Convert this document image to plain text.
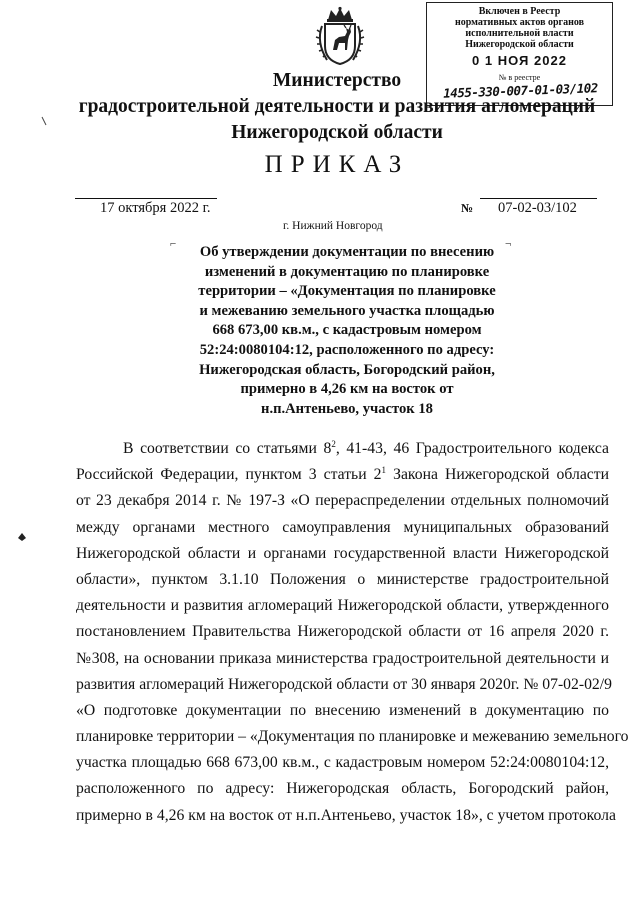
Включен в Реестр
нормативных актов органов
исполнительной власти
Нижегородской области
0 1 НОЯ 2022
№ в реестре
1455-330-007-01-03/102
Министерство
градостроительной деятельности и развития агломераций
Нижегородской области
ПРИКАЗ
17 октября 2022 г.	№ 07-02-03/102
г. Нижний Новгород
⌐	¬
Об утверждении документации по внесению
изменений в документацию по планировке
территории – «Документация по планировке
и межеванию земельного участка площадью
668 673,00 кв.м., с кадастровым номером
52:24:0080104:12, расположенного по адресу:
Нижегородская область, Богородский район,
примерно в 4,26 км на восток от
н.п.Антеньево, участок 18
В соответствии со статьями $8^2$, 41-43, 46 Градостроительного кодекса
Российской Федерации, пунктом 3 статьи $2^1$ Закона Нижегородской области
от 23 декабря 2014 г. № 197-З «О перераспределении отдельных полномочий
между органами местного самоуправления муниципальных образований
Нижегородской области и органами государственной власти Нижегородской
области», пунктом 3.1.10 Положения о министерстве градостроительной
деятельности и развития агломераций Нижегородской области, утвержденного
постановлением Правительства Нижегородской области от 16 апреля 2020 г.
№308, на основании приказа министерства градостроительной деятельности и
развития агломераций Нижегородской области от 30 января 2020г. № 07-02-02/9
«О подготовке документации по внесению изменений в документацию по
планировке территории – «Документация по планировке и межеванию земельного
участка площадью 668 673,00 кв.м., с кадастровым номером 52:24:0080104:12,
расположенного по адресу: Нижегородская область, Богородский район,
примерно в 4,26 км на восток от н.п.Антеньево, участок 18», с учетом протокола
